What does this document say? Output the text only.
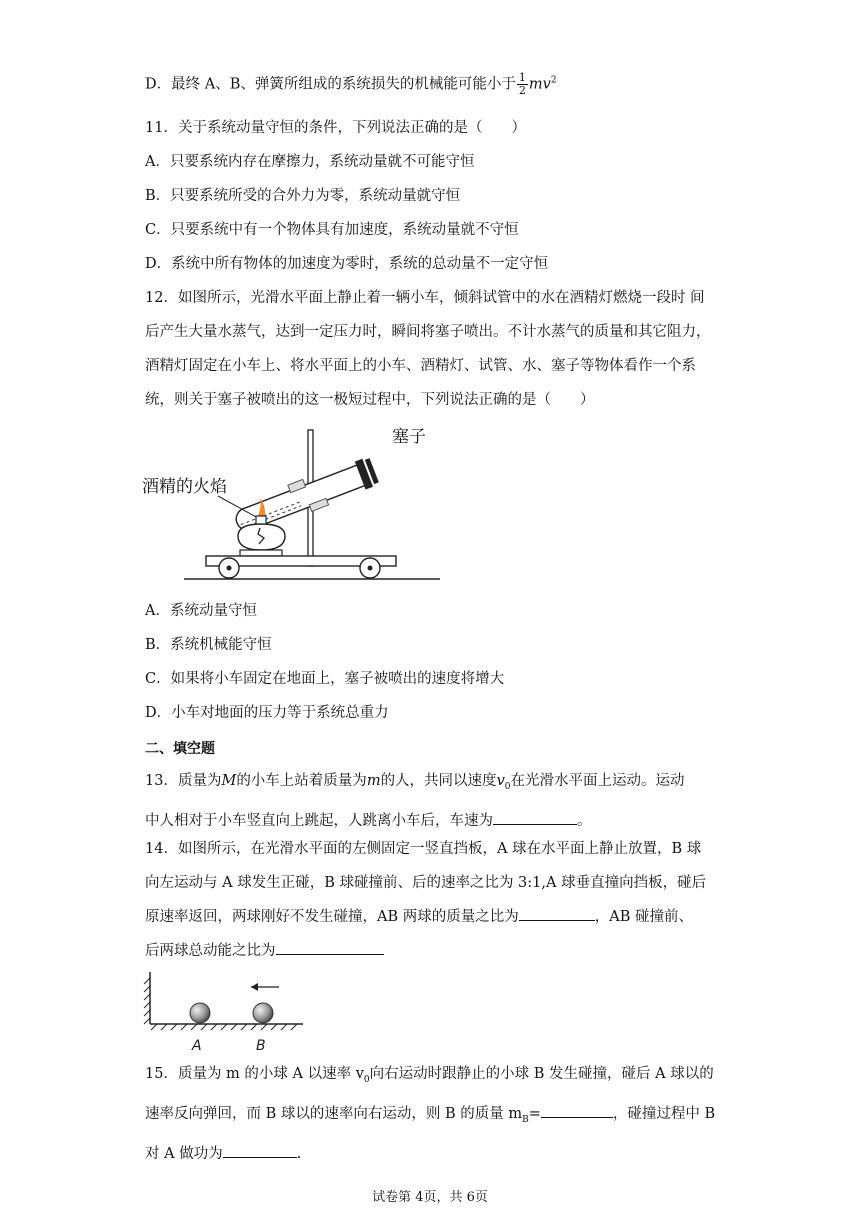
D．最终 A、B、弹簧所组成的系统损失的机械能可能小于 $\frac{1}{2} mv^2$

11．关于系统动量守恒的条件，下列说法正确的是（　　）

A．只要系统内存在摩擦力，系统动量就不可能守恒

B．只要系统所受的合外力为零，系统动量就守恒

C．只要系统中有一个物体具有加速度，系统动量就不守恒

D．系统中所有物体的加速度为零时，系统的总动量不一定守恒

12．如图所示，光滑水平面上静止着一辆小车，倾斜试管中的水在酒精灯燃烧一段时 间

后产生大量水蒸气，达到一定压力时，瞬间将塞子喷出。不计水蒸气的质量和其它阻力，

酒精灯固定在小车上、将水平面上的小车、酒精灯、试管、水、塞子等物体看作一个系

统，则关于塞子被喷出的这一极短过程中，下列说法正确的是（　　）

塞子
酒精的火焰

A．系统动量守恒

B．系统机械能守恒

C．如果将小车固定在地面上，塞子被喷出的速度将增大

D．小车对地面的压力等于系统总重力

二、填空题

13．质量为M的小车上站着质量为m的人，共同以速度$v_0$在光滑水平面上运动。运动

中人相对于小车竖直向上跳起，人跳离小车后，车速为	。

14．如图所示，在光滑水平面的左侧固定一竖直挡板，A 球在水平面上静止放置，B 球

向左运动与 A 球发生正碰，B 球碰撞前、后的速率之比为 3:1,A 球垂直撞向挡板，碰后

原速率返回，两球刚好不发生碰撞，AB 两球的质量之比为	，AB 碰撞前、

后两球总动能之比为

A	B

15．质量为 m 的小球 A 以速率 $v_0$向右运动时跟静止的小球 B 发生碰撞，碰后 A 球以的

速率反向弹回，而 B 球以的速率向右运动，则 B 的质量 $m_B=$	，碰撞过程中 B

对 A 做功为	.

试卷第 4页，共 6页
